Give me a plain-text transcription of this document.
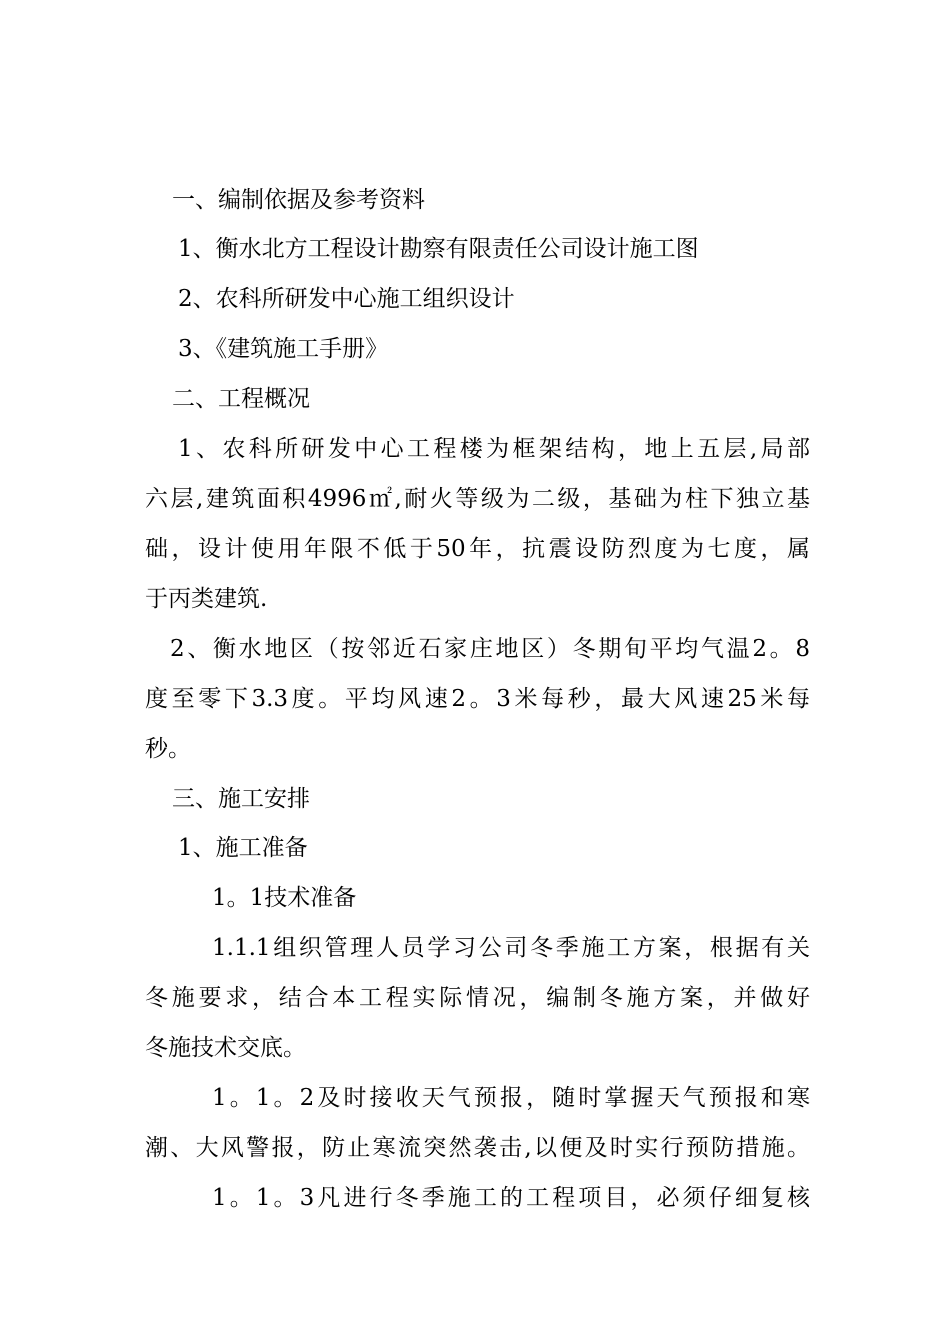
一、编制依据及参考资料
1、衡水北方工程设计勘察有限责任公司设计施工图
2、农科所研发中心施工组织设计
3、《建筑施工手册》
二、工程概况
1、农科所研发中心工程楼为框架结构，地上五层,局部
六层,建筑面积4996㎡,耐火等级为二级，基础为柱下独立基
础，设计使用年限不低于50年，抗震设防烈度为七度，属
于丙类建筑.
2、衡水地区（按邻近石家庄地区）冬期旬平均气温2。8
度至零下3.3度。平均风速2。3米每秒，最大风速25米每
秒。
三、施工安排
1、施工准备
1。1技术准备
1.1.1组织管理人员学习公司冬季施工方案，根据有关
冬施要求，结合本工程实际情况，编制冬施方案，并做好
冬施技术交底。
1。1。2及时接收天气预报，随时掌握天气预报和寒
潮、大风警报，防止寒流突然袭击,以便及时实行预防措施。
1。1。3凡进行冬季施工的工程项目，必须仔细复核
